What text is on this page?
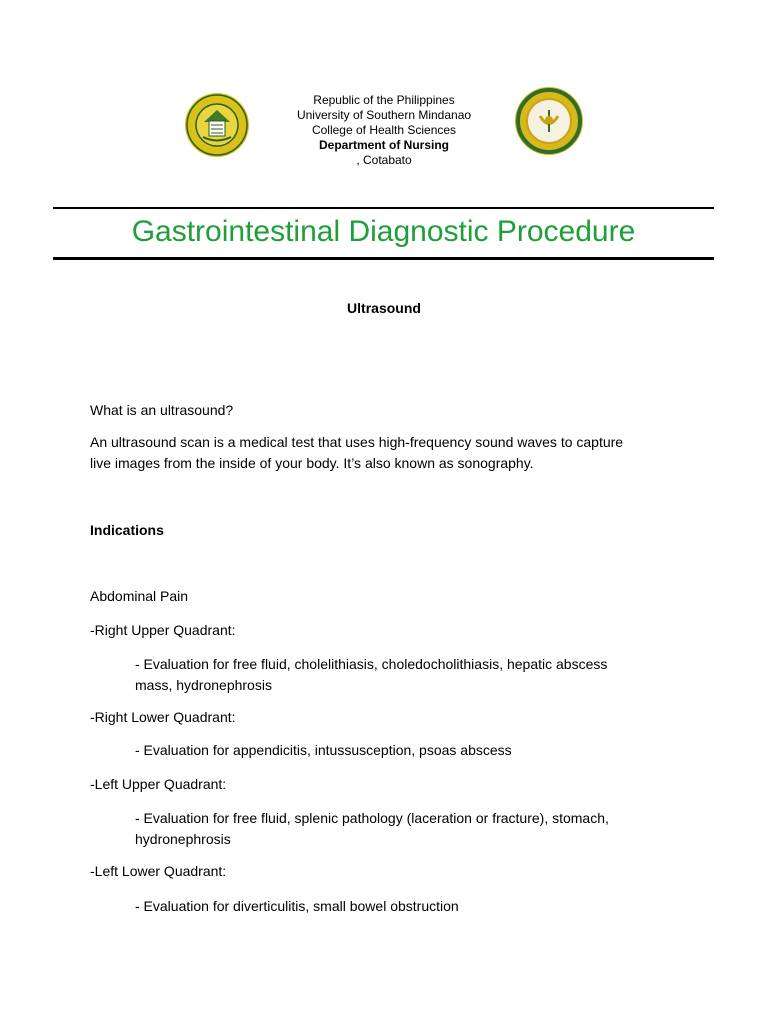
Republic of the Philippines
University of Southern Mindanao
College of Health Sciences
Department of Nursing
, Cotabato
Gastrointestinal Diagnostic Procedure
Ultrasound
What is an ultrasound?
An ultrasound scan is a medical test that uses high-frequency sound waves to capture
live images from the inside of your body. It’s also known as sonography.
Indications
Abdominal Pain
-Right Upper Quadrant:
- Evaluation for free fluid, cholelithiasis, choledocholithiasis, hepatic abscess
mass, hydronephrosis
-Right Lower Quadrant:
- Evaluation for appendicitis, intussusception, psoas abscess
-Left Upper Quadrant:
- Evaluation for free fluid, splenic pathology (laceration or fracture), stomach,
hydronephrosis
-Left Lower Quadrant:
- Evaluation for diverticulitis, small bowel obstruction
